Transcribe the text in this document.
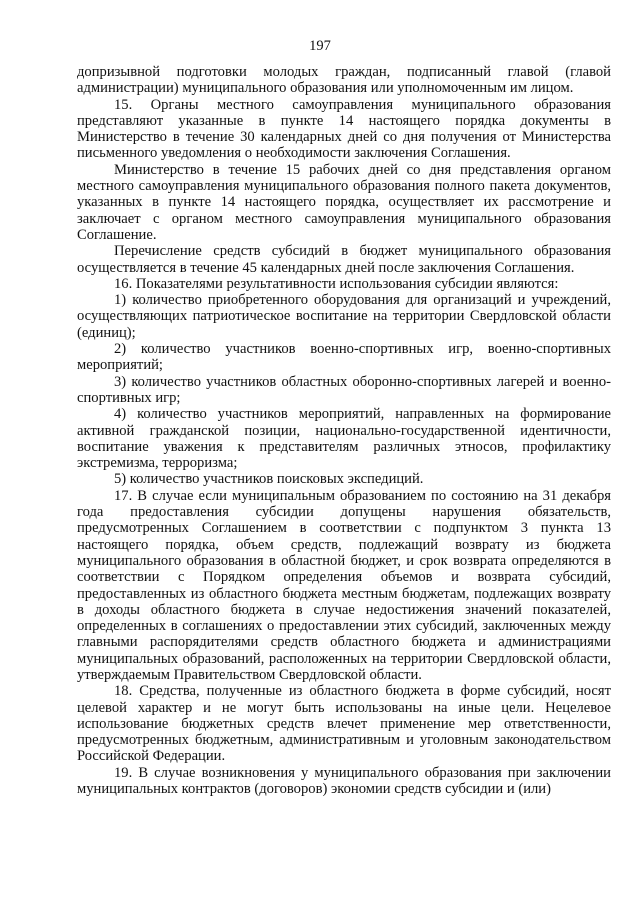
197

допризывной подготовки молодых граждан, подписанный главой (главой администрации) муниципального образования или уполномоченным им лицом.

15. Органы местного самоуправления муниципального образования представляют указанные в пункте 14 настоящего порядка документы в Министерство в течение 30 календарных дней со дня получения от Министерства письменного уведомления о необходимости заключения Соглашения.

Министерство в течение 15 рабочих дней со дня представления органом местного самоуправления муниципального образования полного пакета документов, указанных в пункте 14 настоящего порядка, осуществляет их рассмотрение и заключает с органом местного самоуправления муниципального образования Соглашение.

Перечисление средств субсидий в бюджет муниципального образования осуществляется в течение 45 календарных дней после заключения Соглашения.

16. Показателями результативности использования субсидии являются:

1) количество приобретенного оборудования для организаций и учреждений, осуществляющих патриотическое воспитание на территории Свердловской области (единиц);

2) количество участников военно-спортивных игр, военно-спортивных мероприятий;

3) количество участников областных оборонно-спортивных лагерей и военно-спортивных игр;

4) количество участников мероприятий, направленных на формирование активной гражданской позиции, национально-государственной идентичности, воспитание уважения к представителям различных этносов, профилактику экстремизма, терроризма;

5) количество участников поисковых экспедиций.

17. В случае если муниципальным образованием по состоянию на 31 декабря года предоставления субсидии допущены нарушения обязательств, предусмотренных Соглашением в соответствии с подпунктом 3 пункта 13 настоящего порядка, объем средств, подлежащий возврату из бюджета муниципального образования в областной бюджет, и срок возврата определяются в соответствии с Порядком определения объемов и возврата субсидий, предоставленных из областного бюджета местным бюджетам, подлежащих возврату в доходы областного бюджета в случае недостижения значений показателей, определенных в соглашениях о предоставлении этих субсидий, заключенных между главными распорядителями средств областного бюджета и администрациями муниципальных образований, расположенных на территории Свердловской области, утверждаемым Правительством Свердловской области.

18. Средства, полученные из областного бюджета в форме субсидий, носят целевой характер и не могут быть использованы на иные цели. Нецелевое использование бюджетных средств влечет применение мер ответственности, предусмотренных бюджетным, административным и уголовным законодательством Российской Федерации.

19. В случае возникновения у муниципального образования при заключении муниципальных контрактов (договоров) экономии средств субсидии и (или)
